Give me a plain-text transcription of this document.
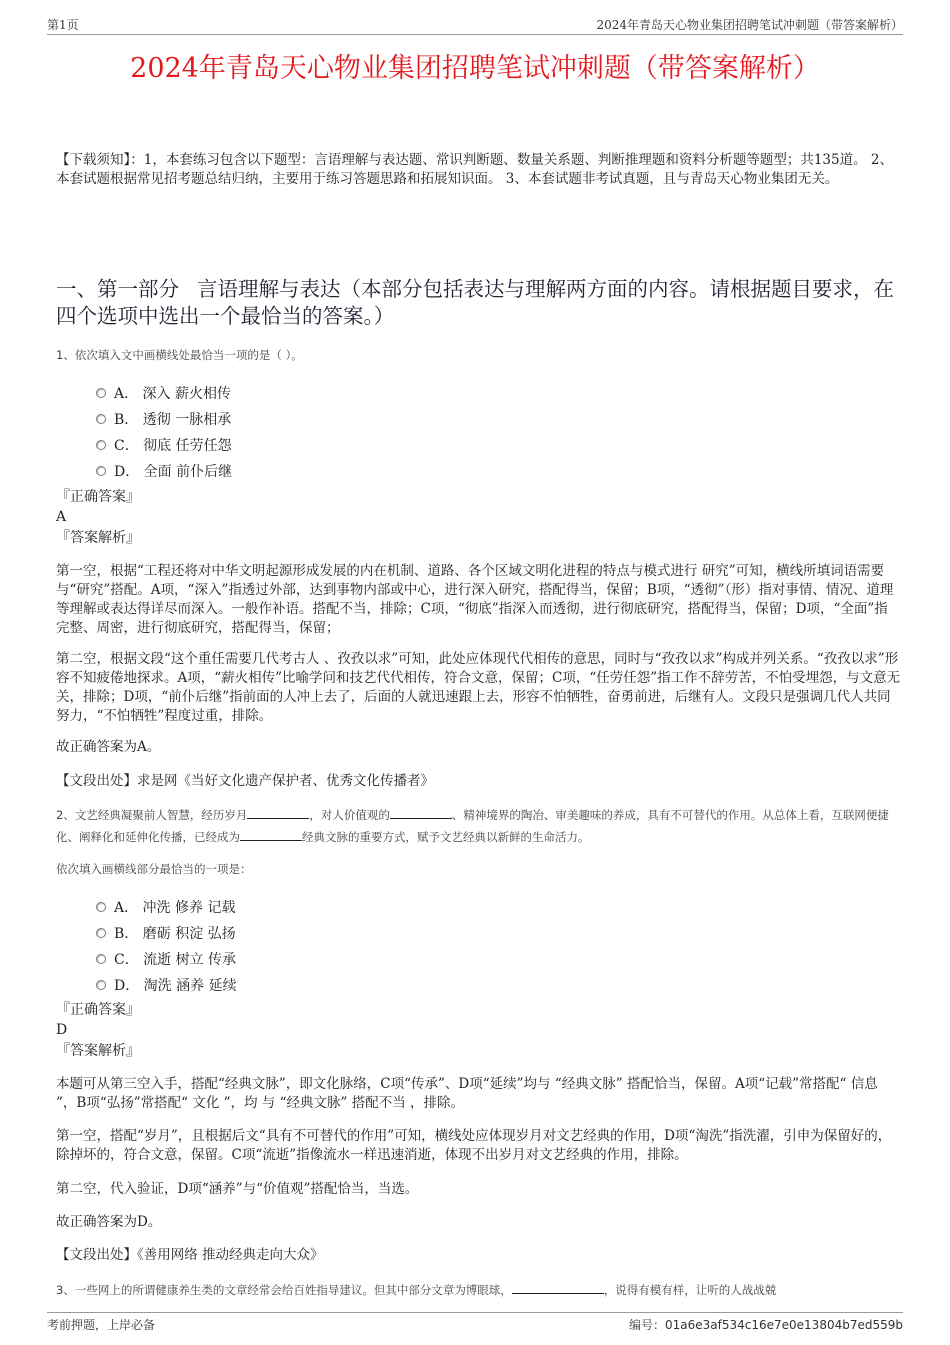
第1页	2024年青岛天心物业集团招聘笔试冲刺题（带答案解析）
2024年青岛天心物业集团招聘笔试冲刺题（带答案解析）
【下载须知】：1，本套练习包含以下题型：言语理解与表达题、常识判断题、数量关系题、判断推理题和资料分析题等题型；共135道。 2、本套试题根据常见招考题总结归纳，主要用于练习答题思路和拓展知识面。 3、本套试题非考试真题，且与青岛天心物业集团无关。
一、第一部分 言语理解与表达（本部分包括表达与理解两方面的内容。请根据题目要求，在四个选项中选出一个最恰当的答案。）
1、依次填入文中画横线处最恰当一项的是（ ）。
A． 深入 薪火相传
B． 透彻 一脉相承
C． 彻底 任劳任怨
D． 全面 前仆后继
『正确答案』
A
『答案解析』
第一空，根据“工程还将对中华文明起源形成发展的内在机制、道路、各个区域文明化进程的特点与模式进行 研究”可知，横线所填词语需要与“研究”搭配。A项，“深入”指透过外部，达到事物内部或中心，进行深入研究，搭配得当，保留；B项，“透彻”（形）指对事情、情况、道理等理解或表达得详尽而深入。一般作补语。搭配不当，排除；C项，“彻底”指深入而透彻，进行彻底研究，搭配得当，保留；D项，“全面”指完整、周密，进行彻底研究，搭配得当，保留；
第二空，根据文段“这个重任需要几代考古人 、孜孜以求”可知，此处应体现代代相传的意思，同时与“孜孜以求”构成并列关系。“孜孜以求”形容不知疲倦地探求。A项，“薪火相传”比喻学问和技艺代代相传，符合文意，保留；C项，“任劳任怨”指工作不辞劳苦，不怕受埋怨，与文意无关，排除；D项，“前仆后继”指前面的人冲上去了，后面的人就迅速跟上去，形容不怕牺牲，奋勇前进，后继有人。文段只是强调几代人共同努力，“不怕牺牲”程度过重，排除。
故正确答案为A。
【文段出处】求是网《当好文化遗产保护者、优秀文化传播者》
2、文艺经典凝聚前人智慧，经历岁月	，对人价值观的	、精神境界的陶冶、审美趣味的养成，具有不可替代的作用。从总体上看，互联网便捷化、阐释化和延伸化传播，已经成为	经典文脉的重要方式，赋予文艺经典以新鲜的生命活力。
依次填入画横线部分最恰当的一项是：
A． 冲洗 修养 记载
B． 磨砺 积淀 弘扬
C． 流逝 树立 传承
D． 淘洗 涵养 延续
『正确答案』
D
『答案解析』
本题可从第三空入手，搭配“经典文脉”，即文化脉络，C项“传承”、D项“延续”均与 “经典文脉” 搭配恰当，保留。A项“记载”常搭配“ 信息 ”，B项“弘扬”常搭配“ 文化 ”，均 与 “经典文脉” 搭配不当 ，排除。
第一空，搭配“岁月”，且根据后文“具有不可替代的作用”可知，横线处应体现岁月对文艺经典的作用，D项“淘洗”指洗濯，引申为保留好的，除掉坏的，符合文意，保留。C项“流逝”指像流水一样迅速消逝，体现不出岁月对文艺经典的作用，排除。
第二空，代入验证，D项“涵养”与“价值观”搭配恰当，当选。
故正确答案为D。
【文段出处】《善用网络 推动经典走向大众》
3、一些网上的所谓健康养生类的文章经常会给百姓指导建议。但其中部分文章为博眼球，	，说得有模有样，让听的人战战兢
考前押题，上岸必备	编号：01a6e3af534c16e7e0e13804b7ed559b
